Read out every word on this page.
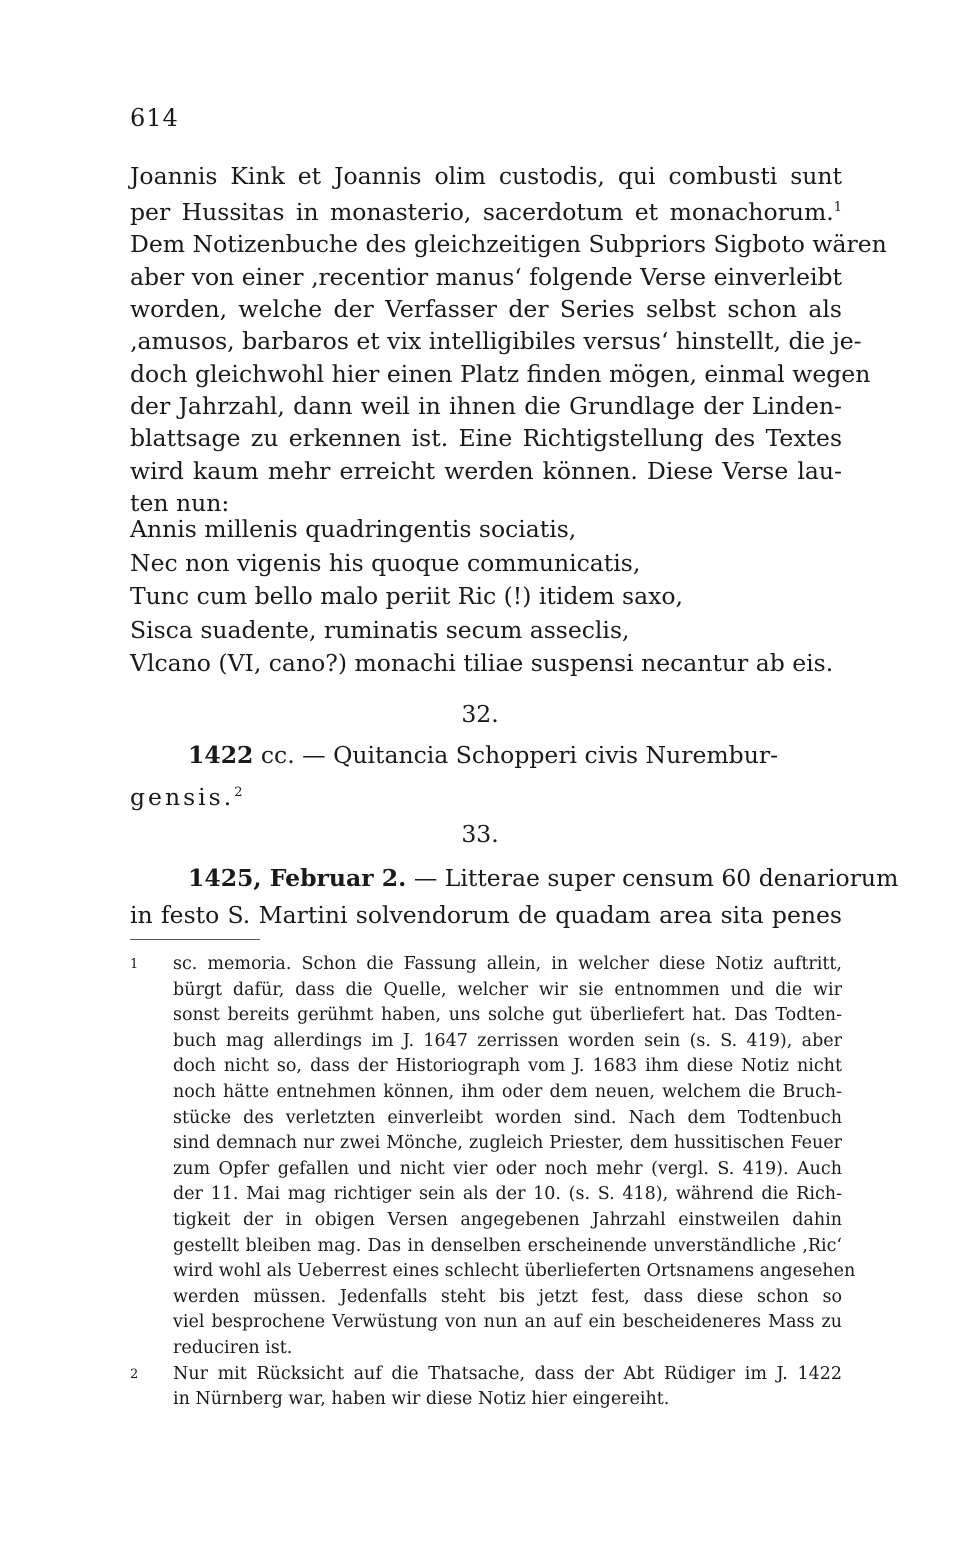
614
Joannis Kink et Joannis olim custodis, qui combusti sunt
per Hussitas in monasterio, sacerdotum et monachorum.$^1$
Dem Notizenbuche des gleichzeitigen Subpriors Sigboto wären
aber von einer ‚recentior manus‘ folgende Verse einverleibt
worden, welche der Verfasser der Series selbst schon als
‚amusos, barbaros et vix intelligibiles versus‘ hinstellt, die je-
doch gleichwohl hier einen Platz finden mögen, einmal wegen
der Jahrzahl, dann weil in ihnen die Grundlage der Linden-
blattsage zu erkennen ist. Eine Richtigstellung des Textes
wird kaum mehr erreicht werden können. Diese Verse lau-
ten nun:
Annis millenis quadringentis sociatis,
Nec non vigenis his quoque communicatis,
Tunc cum bello malo periit Ric (!) itidem saxo,
Sisca suadente, ruminatis secum asseclis,
Vlcano (VI, cano?) monachi tiliae suspensi necantur ab eis.
32.
1422 cc. — Quitancia Schopperi civis Nurembur-
gensis.$^2$
33.
1425, Februar 2. — Litterae super censum 60 denariorum
in festo S. Martini solvendorum de quadam area sita penes
1 sc. memoria. Schon die Fassung allein, in welcher diese Notiz auftritt,
bürgt dafür, dass die Quelle, welcher wir sie entnommen und die wir
sonst bereits gerühmt haben, uns solche gut überliefert hat. Das Todten-
buch mag allerdings im J. 1647 zerrissen worden sein (s. S. 419), aber
doch nicht so, dass der Historiograph vom J. 1683 ihm diese Notiz nicht
noch hätte entnehmen können, ihm oder dem neuen, welchem die Bruch-
stücke des verletzten einverleibt worden sind. Nach dem Todtenbuch
sind demnach nur zwei Mönche, zugleich Priester, dem hussitischen Feuer
zum Opfer gefallen und nicht vier oder noch mehr (vergl. S. 419). Auch
der 11. Mai mag richtiger sein als der 10. (s. S. 418), während die Rich-
tigkeit der in obigen Versen angegebenen Jahrzahl einstweilen dahin
gestellt bleiben mag. Das in denselben erscheinende unverständliche ‚Ric‘
wird wohl als Ueberrest eines schlecht überlieferten Ortsnamens angesehen
werden müssen. Jedenfalls steht bis jetzt fest, dass diese schon so
viel besprochene Verwüstung von nun an auf ein bescheideneres Mass zu
reduciren ist.
2 Nur mit Rücksicht auf die Thatsache, dass der Abt Rüdiger im J. 1422
in Nürnberg war, haben wir diese Notiz hier eingereiht.
